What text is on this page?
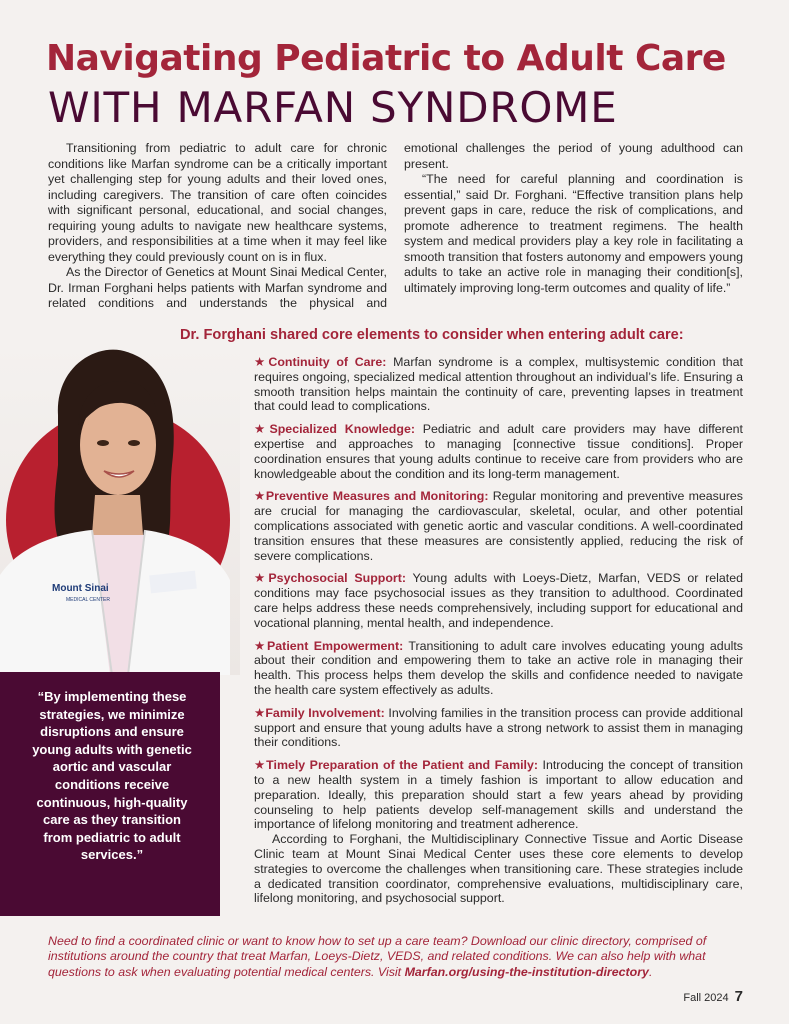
Navigating Pediatric to Adult Care
WITH MARFAN SYNDROME

Transitioning from pediatric to adult care for chronic conditions like Marfan syndrome can be a critically important yet challenging step for young adults and their loved ones, including caregivers. The transition of care often coincides with significant personal, educational, and social changes, requiring young adults to navigate new healthcare systems, providers, and responsibilities at a time when it may feel like everything they could previously count on is in flux.

As the Director of Genetics at Mount Sinai Medical Center, Dr. Irman Forghani helps patients with Marfan syndrome and related conditions and understands the physical and emotional challenges the period of young adulthood can present.

“The need for careful planning and coordination is essential,” said Dr. Forghani. “Effective transition plans help prevent gaps in care, reduce the risk of complications, and promote adherence to treatment regimens. The health system and medical providers play a key role in facilitating a smooth transition that fosters autonomy and empowers young adults to take an active role in managing their condition[s], ultimately improving long-term outcomes and quality of life.”

Dr. Forghani shared core elements to consider when entering adult care:
Mount Sinai
MEDICAL CENTER
“By implementing these strategies, we minimize disruptions and ensure young adults with genetic aortic and vascular conditions receive continuous, high-quality care as they transition from pediatric to adult services.”

★Continuity of Care: Marfan syndrome is a complex, multisystemic condition that requires ongoing, specialized medical attention throughout an individual’s life. Ensuring a smooth transition helps maintain the continuity of care, preventing lapses in treatment that could lead to complications.

★Specialized Knowledge: Pediatric and adult care providers may have different expertise and approaches to managing [connective tissue conditions]. Proper coordination ensures that young adults continue to receive care from providers who are knowledgeable about the condition and its long-term management.

★Preventive Measures and Monitoring: Regular monitoring and preventive measures are crucial for managing the cardiovascular, skeletal, ocular, and other potential complications associated with genetic aortic and vascular conditions. A well-coordinated transition ensures that these measures are consistently applied, reducing the risk of severe complications.

★Psychosocial Support: Young adults with Loeys-Dietz, Marfan, VEDS or related conditions may face psychosocial issues as they transition to adulthood. Coordinated care helps address these needs comprehensively, including support for educational and vocational planning, mental health, and independence.

★Patient Empowerment: Transitioning to adult care involves educating young adults about their condition and empowering them to take an active role in managing their health. This process helps them develop the skills and confidence needed to navigate the health care system effectively as adults.

★Family Involvement: Involving families in the transition process can provide additional support and ensure that young adults have a strong network to assist them in managing their conditions.

★Timely Preparation of the Patient and Family: Introducing the concept of transition to a new health system in a timely fashion is important to allow education and preparation. Ideally, this preparation should start a few years ahead by providing counseling to help patients develop self-management skills and understand the importance of lifelong monitoring and treatment adherence.

According to Forghani, the Multidisciplinary Connective Tissue and Aortic Disease Clinic team at Mount Sinai Medical Center uses these core elements to develop strategies to overcome the challenges when transitioning care. These strategies include a dedicated transition coordinator, comprehensive evaluations, multidisciplinary care, lifelong monitoring, and psychosocial support.

Need to find a coordinated clinic or want to know how to set up a care team? Download our clinic directory, comprised of institutions around the country that treat Marfan, Loeys-Dietz, VEDS, and related conditions. We can also help with what questions to ask when evaluating potential medical centers. Visit Marfan.org/using-the-institution-directory.
Fall 2024 7
